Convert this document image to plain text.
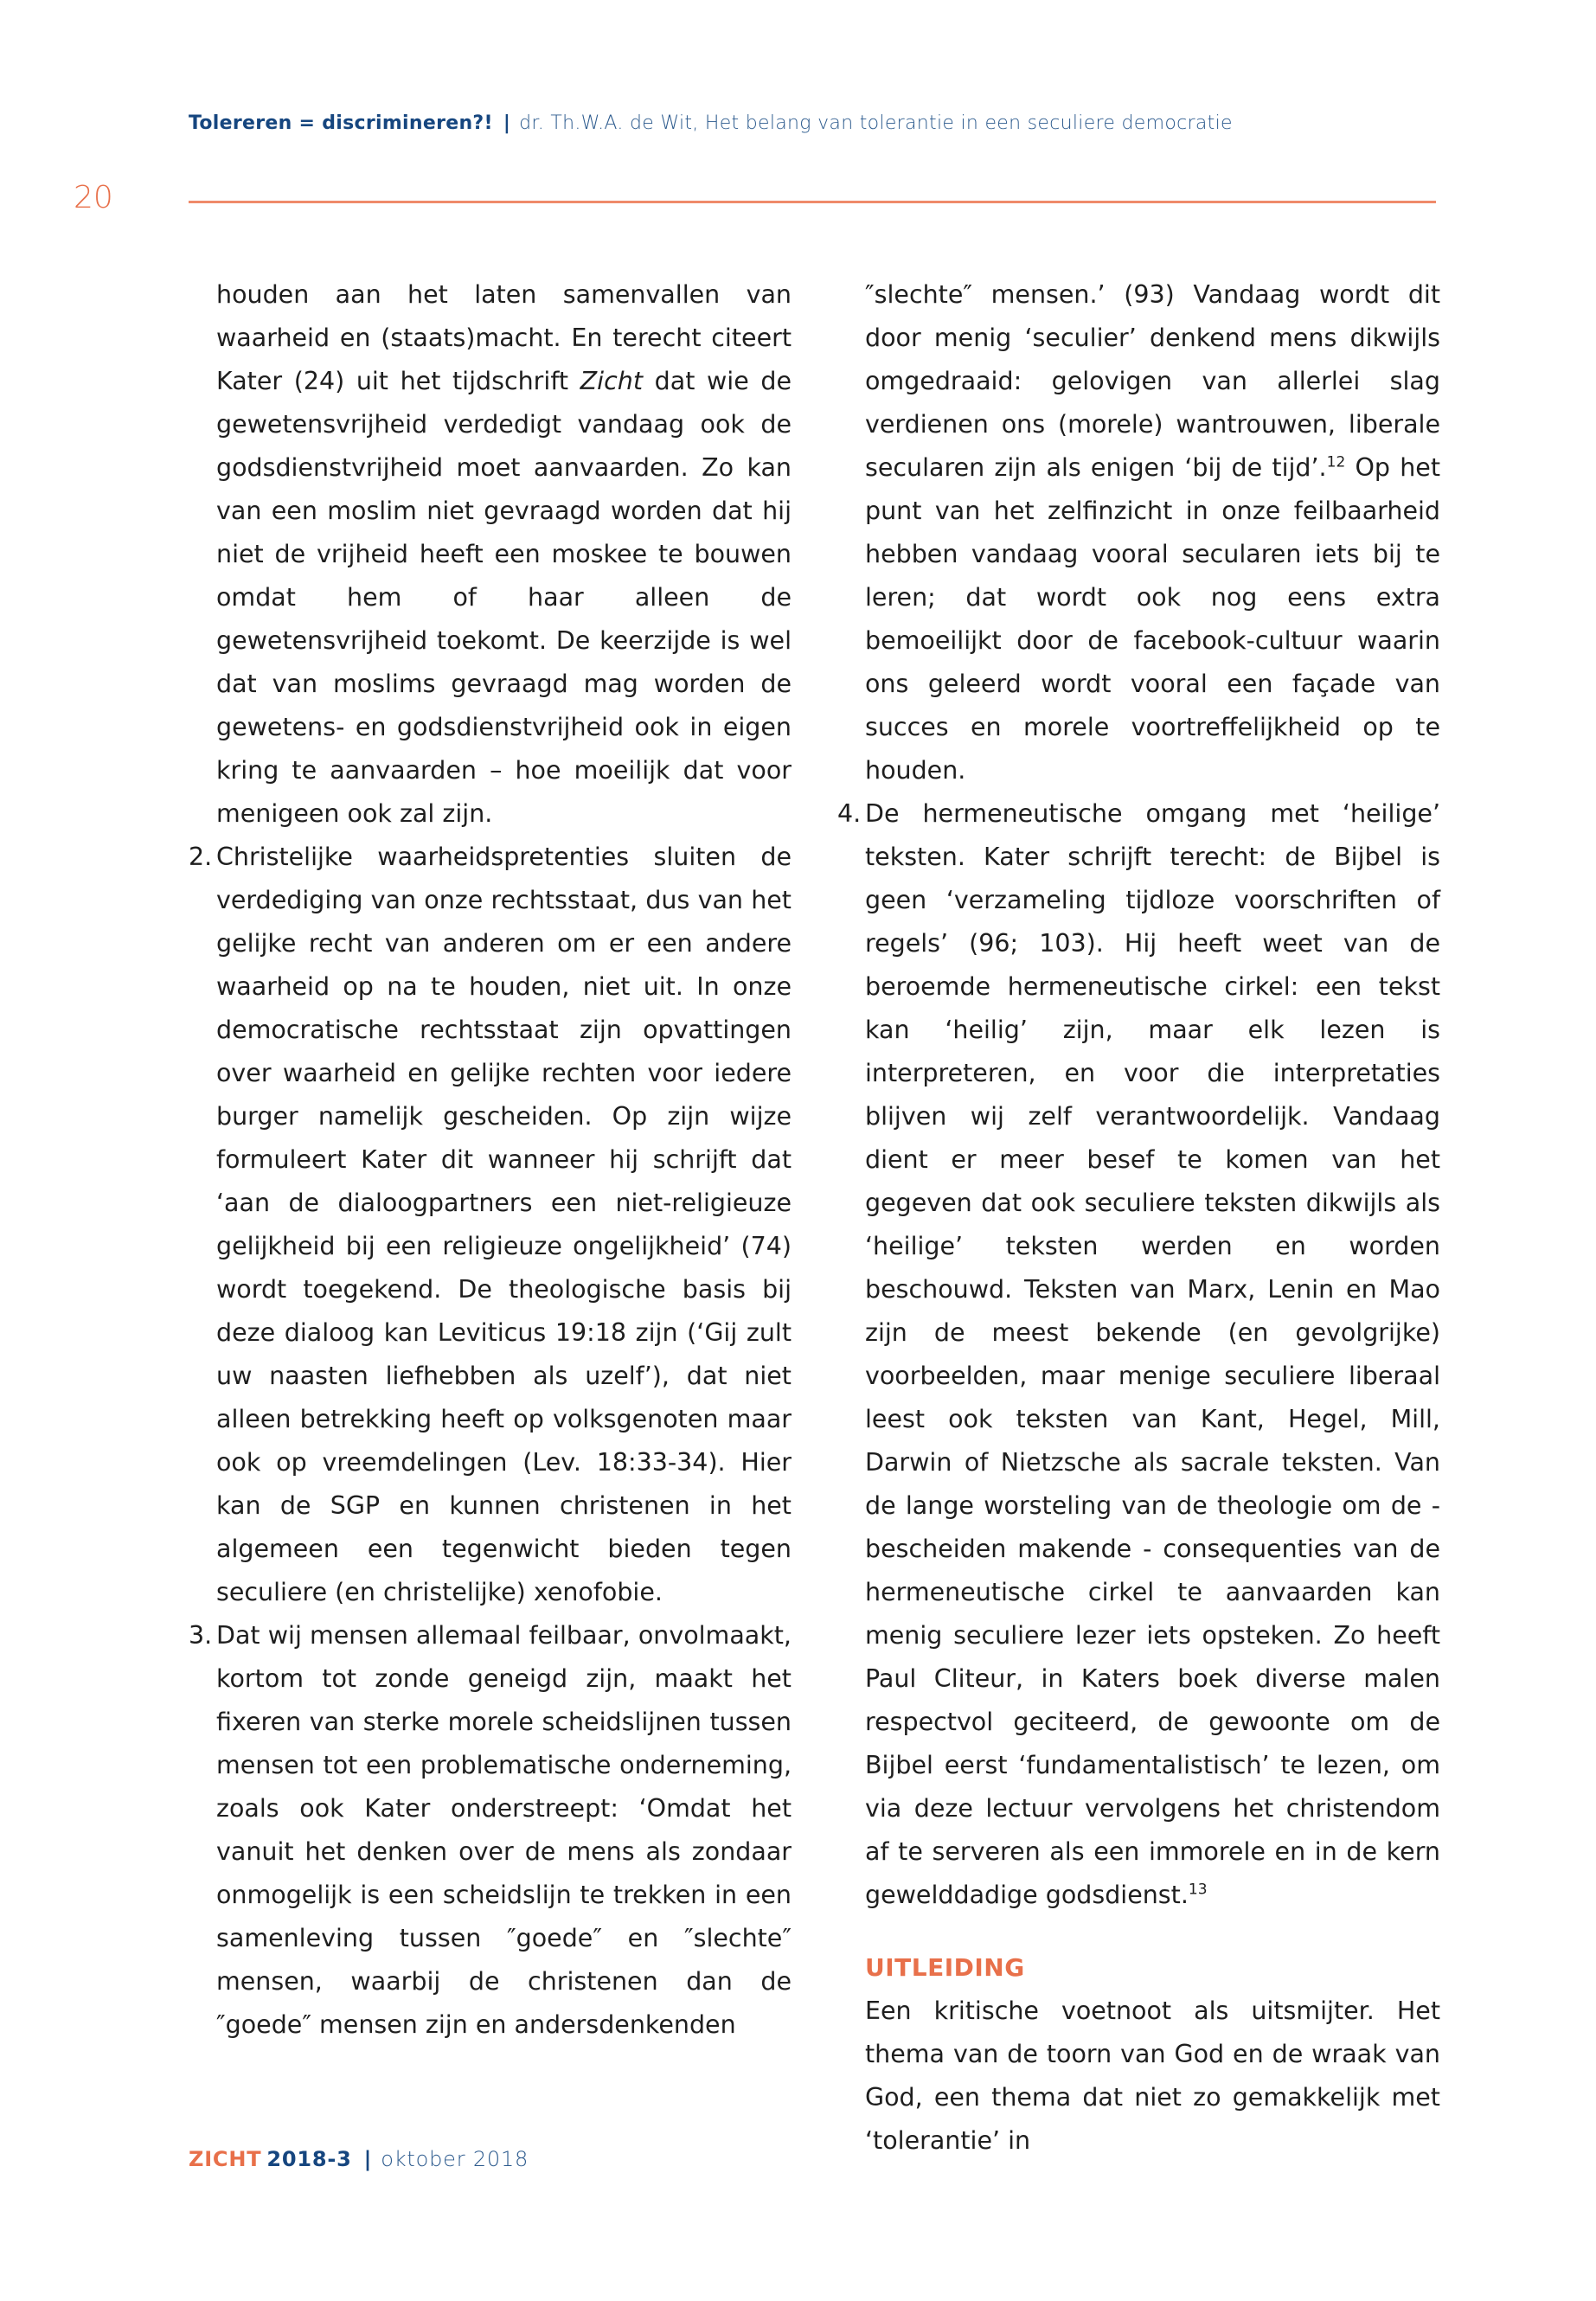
Tolereren = discrimineren?! | dr. Th.W.A. de Wit, Het belang van tolerantie in een seculiere democratie
20

houden aan het laten samenvallen van waarheid en (staats)macht. En terecht citeert Kater (24) uit het tijdschrift Zicht dat wie de gewetensvrijheid verdedigt vandaag ook de godsdienstvrijheid moet aanvaarden. Zo kan van een moslim niet gevraagd worden dat hij niet de vrijheid heeft een moskee te bouwen omdat hem of haar alleen de gewetensvrijheid toekomt. De keerzijde is wel dat van moslims gevraagd mag worden de gewetens- en godsdienstvrijheid ook in eigen kring te aanvaarden – hoe moeilijk dat voor menigeen ook zal zijn.

2. Christelijke waarheidspretenties sluiten de verdediging van onze rechtsstaat, dus van het gelijke recht van anderen om er een andere waarheid op na te houden, niet uit. In onze democratische rechtsstaat zijn opvattingen over waarheid en gelijke rechten voor iedere burger namelijk gescheiden. Op zijn wijze formuleert Kater dit wanneer hij schrijft dat ‘aan de dialoogpartners een niet-religieuze gelijkheid bij een religieuze ongelijkheid’ (74) wordt toegekend. De theologische basis bij deze dialoog kan Leviticus 19:18 zijn (‘Gij zult uw naasten liefhebben als uzelf’), dat niet alleen betrekking heeft op volksgenoten maar ook op vreemdelingen (Lev. 18:33-34). Hier kan de SGP en kunnen christenen in het algemeen een tegenwicht bieden tegen seculiere (en christelijke) xenofobie.
3. Dat wij mensen allemaal feilbaar, onvolmaakt, kortom tot zonde geneigd zijn, maakt het fixeren van sterke morele scheidslijnen tussen mensen tot een problematische onderneming, zoals ook Kater onderstreept: ‘Omdat het vanuit het denken over de mens als zondaar onmogelijk is een scheidslijn te trekken in een samenleving tussen ″goede″ en ″slechte″ mensen, waarbij de christenen dan de ″goede″ mensen zijn en andersdenkenden

″slechte″ mensen.’ (93) Vandaag wordt dit door menig ‘seculier’ denkend mens dikwijls omgedraaid: gelovigen van allerlei slag verdienen ons (morele) wantrouwen, liberale secularen zijn als enigen ‘bij de tijd’.$^{12}$ Op het punt van het zelfinzicht in onze feilbaarheid hebben vandaag vooral secularen iets bij te leren; dat wordt ook nog eens extra bemoeilijkt door de facebook-cultuur waarin ons geleerd wordt vooral een façade van succes en morele voortreffelijkheid op te houden.

4. De hermeneutische omgang met ‘heilige’ teksten. Kater schrijft terecht: de Bijbel is geen ‘verzameling tijdloze voorschriften of regels’ (96; 103). Hij heeft weet van de beroemde hermeneutische cirkel: een tekst kan ‘heilig’ zijn, maar elk lezen is interpreteren, en voor die interpretaties blijven wij zelf verantwoordelijk. Vandaag dient er meer besef te komen van het gegeven dat ook seculiere teksten dikwijls als ‘heilige’ teksten werden en worden beschouwd. Teksten van Marx, Lenin en Mao zijn de meest bekende (en gevolgrijke) voorbeelden, maar menige seculiere liberaal leest ook teksten van Kant, Hegel, Mill, Darwin of Nietzsche als sacrale teksten. Van de lange worsteling van de theologie om de - bescheiden makende - consequenties van de hermeneutische cirkel te aanvaarden kan menig seculiere lezer iets opsteken. Zo heeft Paul Cliteur, in Katers boek diverse malen respectvol geciteerd, de gewoonte om de Bijbel eerst ‘fundamentalistisch’ te lezen, om via deze lectuur vervolgens het christendom af te serveren als een immorele en in de kern gewelddadige godsdienst.$^{13}$
UITLEIDING

Een kritische voetnoot als uitsmijter. Het thema van de toorn van God en de wraak van God, een thema dat niet zo gemakkelijk met ‘tolerantie’ in

ZICHT 2018-3 | oktober 2018
